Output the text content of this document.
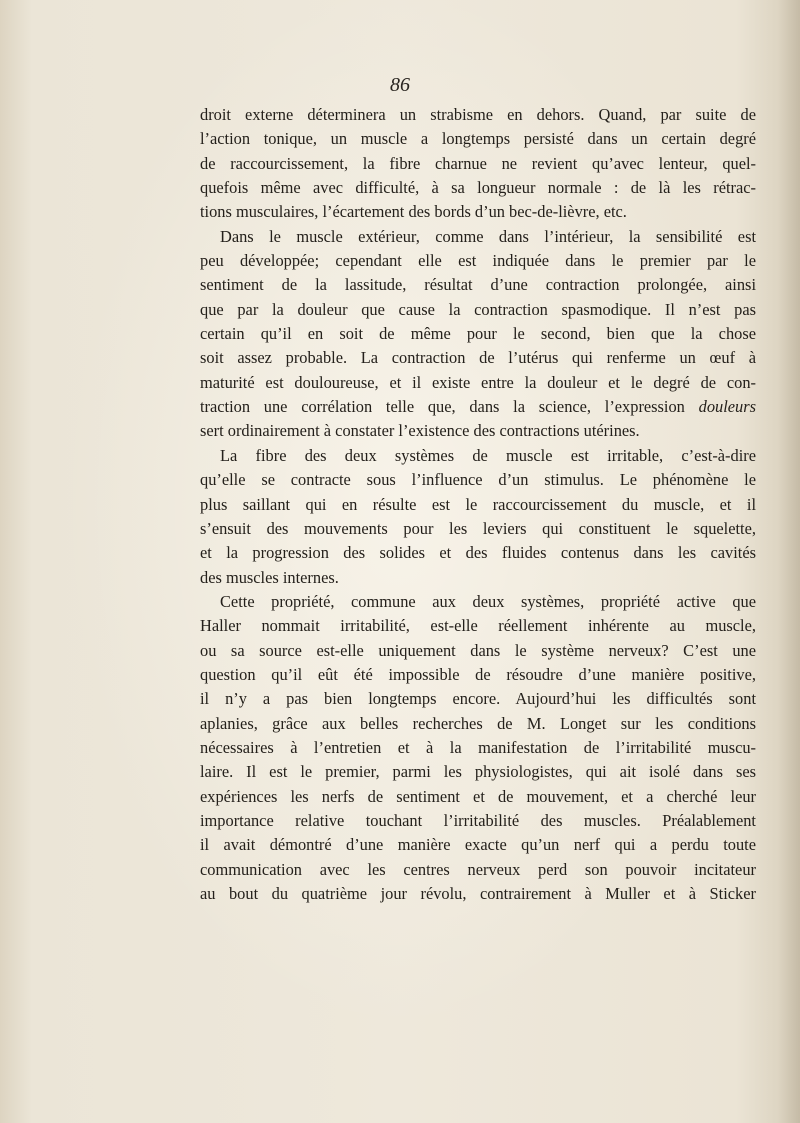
86
droit externe déterminera un strabisme en dehors. Quand, par suite de
l’action tonique, un muscle a longtemps persisté dans un certain degré
de raccourcissement, la fibre charnue ne revient qu’avec lenteur, quel-
quefois même avec difficulté, à sa longueur normale : de là les rétrac-
tions musculaires, l’écartement des bords d’un bec-de-lièvre, etc.
Dans le muscle extérieur, comme dans l’intérieur, la sensibilité est
peu développée; cependant elle est indiquée dans le premier par le
sentiment de la lassitude, résultat d’une contraction prolongée, ainsi
que par la douleur que cause la contraction spasmodique. Il n’est pas
certain qu’il en soit de même pour le second, bien que la chose
soit assez probable. La contraction de l’utérus qui renferme un œuf à
maturité est douloureuse, et il existe entre la douleur et le degré de con-
traction une corrélation telle que, dans la science, l’expression douleurs
sert ordinairement à constater l’existence des contractions utérines.
La fibre des deux systèmes de muscle est irritable, c’est-à-dire
qu’elle se contracte sous l’influence d’un stimulus. Le phénomène le
plus saillant qui en résulte est le raccourcissement du muscle, et il
s’ensuit des mouvements pour les leviers qui constituent le squelette,
et la progression des solides et des fluides contenus dans les cavités
des muscles internes.
Cette propriété, commune aux deux systèmes, propriété active que
Haller nommait irritabilité, est-elle réellement inhérente au muscle,
ou sa source est-elle uniquement dans le système nerveux? C’est une
question qu’il eût été impossible de résoudre d’une manière positive,
il n’y a pas bien longtemps encore. Aujourd’hui les difficultés sont
aplanies, grâce aux belles recherches de M. Longet sur les conditions
nécessaires à l’entretien et à la manifestation de l’irritabilité muscu-
laire. Il est le premier, parmi les physiologistes, qui ait isolé dans ses
expériences les nerfs de sentiment et de mouvement, et a cherché leur
importance relative touchant l’irritabilité des muscles. Préalablement
il avait démontré d’une manière exacte qu’un nerf qui a perdu toute
communication avec les centres nerveux perd son pouvoir incitateur
au bout du quatrième jour révolu, contrairement à Muller et à Sticker
